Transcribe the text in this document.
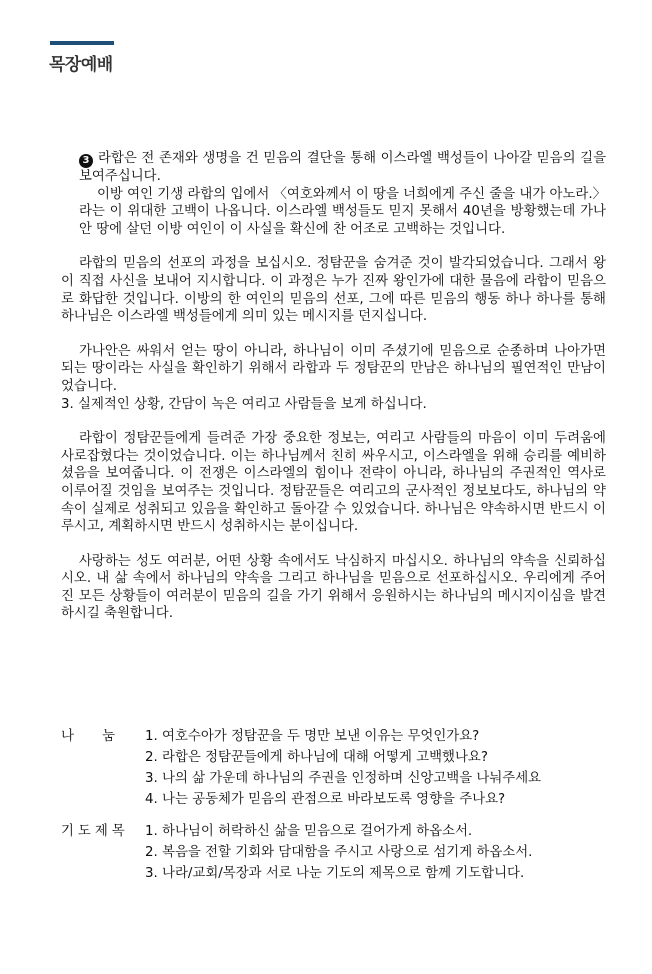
목장예배

3 라합은 전 존재와 생명을 건 믿음의 결단을 통해 이스라엘 백성들이 나아갈 믿음의 길을 보여주십니다.

이방 여인 기생 라합의 입에서 〈여호와께서 이 땅을 너희에게 주신 줄을 내가 아노라.〉 라는 이 위대한 고백이 나옵니다. 이스라엘 백성들도 믿지 못해서 40년을 방황했는데 가나안 땅에 살던 이방 여인이 이 사실을 확신에 찬 어조로 고백하는 것입니다.

라합의 믿음의 선포의 과정을 보십시오. 정탐꾼을 숨겨준 것이 발각되었습니다. 그래서 왕이 직접 사신을 보내어 지시합니다. 이 과정은 누가 진짜 왕인가에 대한 물음에 라합이 믿음으로 화답한 것입니다. 이방의 한 여인의 믿음의 선포, 그에 따른 믿음의 행동 하나 하나를 통해 하나님은 이스라엘 백성들에게 의미 있는 메시지를 던지십니다.

가나안은 싸워서 얻는 땅이 아니라, 하나님이 이미 주셨기에 믿음으로 순종하며 나아가면 되는 땅이라는 사실을 확인하기 위해서 라합과 두 정탐꾼의 만남은 하나님의 필연적인 만남이었습니다.

3. 실제적인 상황, 간담이 녹은 여리고 사람들을 보게 하십니다.

라합이 정탐꾼들에게 들려준 가장 중요한 정보는, 여리고 사람들의 마음이 이미 두려움에 사로잡혔다는 것이었습니다. 이는 하나님께서 친히 싸우시고, 이스라엘을 위해 승리를 예비하셨음을 보여줍니다. 이 전쟁은 이스라엘의 힘이나 전략이 아니라, 하나님의 주권적인 역사로 이루어질 것임을 보여주는 것입니다. 정탐꾼들은 여리고의 군사적인 정보보다도, 하나님의 약속이 실제로 성취되고 있음을 확인하고 돌아갈 수 있었습니다. 하나님은 약속하시면 반드시 이루시고, 계획하시면 반드시 성취하시는 분이십니다.

사랑하는 성도 여러분, 어떤 상황 속에서도 낙심하지 마십시오. 하나님의 약속을 신뢰하십시오. 내 삶 속에서 하나님의 약속을 그리고 하나님을 믿음으로 선포하십시오. 우리에게 주어진 모든 상황들이 여러분이 믿음의 길을 가기 위해서 응원하시는 하나님의 메시지이심을 발견하시길 축원합니다.

나 눔 1. 여호수아가 정탐꾼을 두 명만 보낸 이유는 무엇인가요?
2. 라합은 정탐꾼들에게 하나님에 대해 어떻게 고백했나요?
3. 나의 삶 가운데 하나님의 주권을 인정하며 신앙고백을 나눠주세요
4. 나는 공동체가 믿음의 관점으로 바라보도록 영향을 주나요?
기도제목	1. 하나님이 허락하신 삶을 믿음으로 걸어가게 하옵소서.
2. 복음을 전할 기회와 담대함을 주시고 사랑으로 섬기게 하옵소서.
3. 나라/교회/목장과 서로 나눈 기도의 제목으로 함께 기도합니다.
